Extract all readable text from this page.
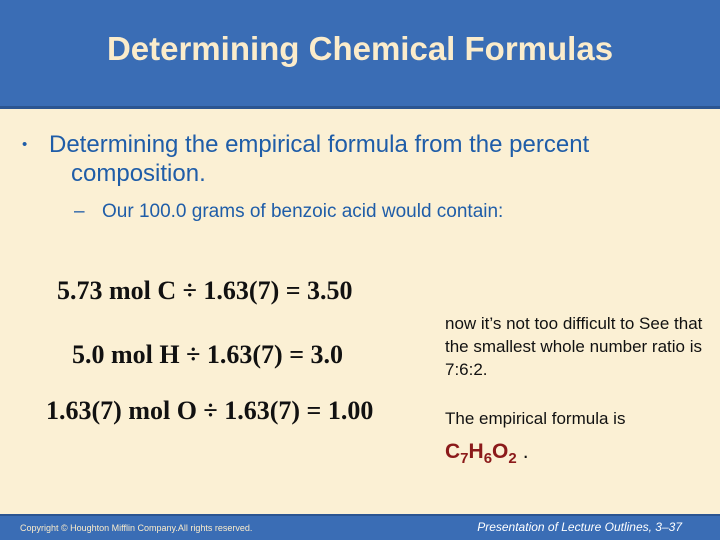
Determining Chemical Formulas
• Determining the empirical formula from the percent composition.
– Our 100.0 grams of benzoic acid would contain:
5.73 mol C ÷ 1.63(7) = 3.50
5.0 mol H ÷ 1.63(7) = 3.0
1.63(7) mol O ÷ 1.63(7) = 1.00
now it’s not too difficult to See that the smallest whole number ratio is 7:6:2.
The empirical formula is
$C_7H_6O_2$ .
Copyright © Houghton Mifflin Company.All rights reserved.	Presentation of Lecture Outlines, 3–37
